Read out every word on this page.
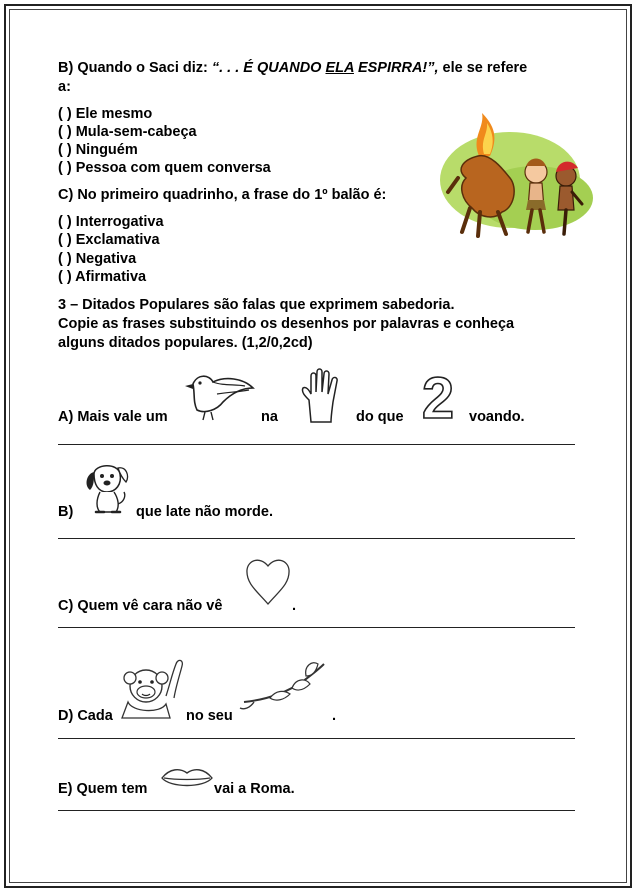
B) Quando o Saci diz: “. . . É QUANDO ELA ESPIRRA!”, ele se refere
a:
( ) Ele mesmo
( ) Mula-sem-cabeça
( ) Ninguém
( ) Pessoa com quem conversa
C) No primeiro quadrinho, a frase do 1º balão é:
( ) Interrogativa
( ) Exclamativa
( ) Negativa
( ) Afirmativa
3 – Ditados Populares são falas que exprimem sabedoria.
Copie as frases substituindo os desenhos por palavras e conheça
alguns ditados populares. (1,2/0,2cd)
A) Mais vale um	na	do que 2 voando.
B)	que late não morde.
C) Quem vê cara não vê	.
D) Cada	no seu	.
E) Quem tem	vai a Roma.
